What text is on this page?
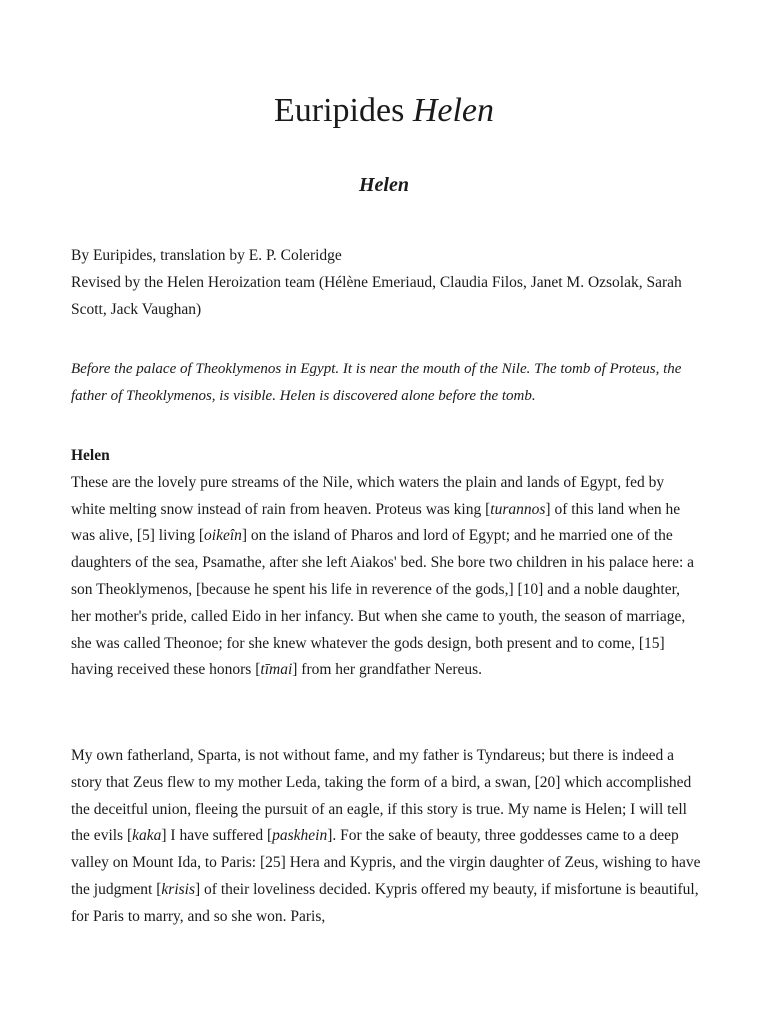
Euripides Helen
Helen

By Euripides, translation by E. P. Coleridge
Revised by the Helen Heroization team (Hélène Emeriaud, Claudia Filos, Janet M. Ozsolak, Sarah Scott, Jack Vaughan)

Before the palace of Theoklymenos in Egypt. It is near the mouth of the Nile. The tomb of Proteus, the father of Theoklymenos, is visible. Helen is discovered alone before the tomb.

Helen
These are the lovely pure streams of the Nile, which waters the plain and lands of Egypt, fed by white melting snow instead of rain from heaven. Proteus was king [turannos] of this land when he was alive, [5] living [oikeîn] on the island of Pharos and lord of Egypt; and he married one of the daughters of the sea, Psamathe, after she left Aiakos' bed. She bore two children in his palace here: a son Theoklymenos, [because he spent his life in reverence of the gods,] [10] and a noble daughter, her mother's pride, called Eido in her infancy. But when she came to youth, the season of marriage, she was called Theonoe; for she knew whatever the gods design, both present and to come, [15] having received these honors [tīmai] from her grandfather Nereus.

My own fatherland, Sparta, is not without fame, and my father is Tyndareus; but there is indeed a story that Zeus flew to my mother Leda, taking the form of a bird, a swan, [20] which accomplished the deceitful union, fleeing the pursuit of an eagle, if this story is true. My name is Helen; I will tell the evils [kaka] I have suffered [paskhein]. For the sake of beauty, three goddesses came to a deep valley on Mount Ida, to Paris: [25] Hera and Kypris, and the virgin daughter of Zeus, wishing to have the judgment [krisis] of their loveliness decided. Kypris offered my beauty, if misfortune is beautiful, for Paris to marry, and so she won. Paris,
